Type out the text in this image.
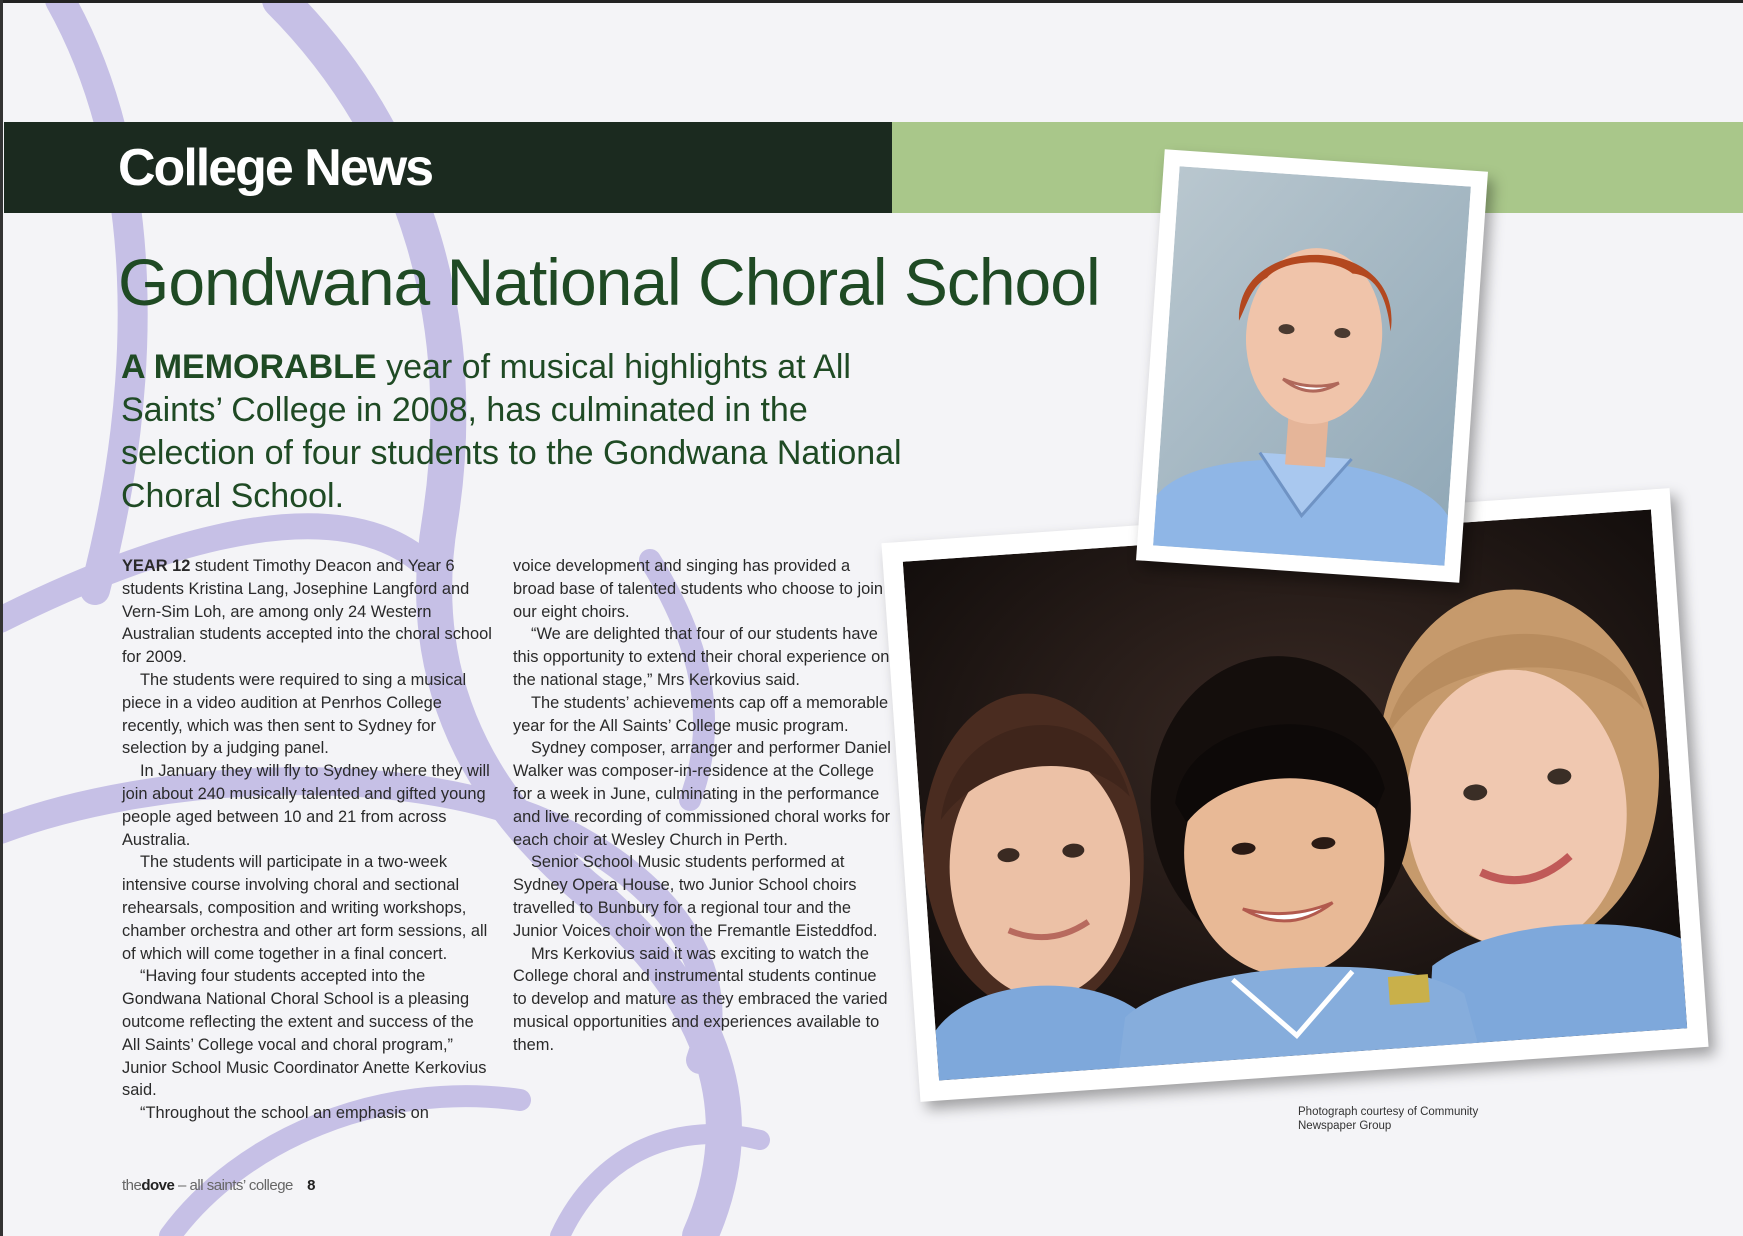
College News
Gondwana National Choral School

A MEMORABLE year of musical highlights at All Saints’ College in 2008, has culminated in the selection of four students to the Gondwana National Choral School.

YEAR 12 student Timothy Deacon and Year 6 students Kristina Lang, Josephine Langford and Vern-Sim Loh, are among only 24 Western Australian students accepted into the choral school for 2009.

The students were required to sing a musical piece in a video audition at Penrhos College recently, which was then sent to Sydney for selection by a judging panel.

In January they will fly to Sydney where they will join about 240 musically talented and gifted young people aged between 10 and 21 from across Australia.

The students will participate in a two-week intensive course involving choral and sectional rehearsals, composition and writing workshops, chamber orchestra and other art form sessions, all of which will come together in a final concert.

“Having four students accepted into the Gondwana National Choral School is a pleasing outcome reflecting the extent and success of the All Saints’ College vocal and choral program,” Junior School Music Coordinator Anette Kerkovius said.

“Throughout the school an emphasis on

voice development and singing has provided a broad base of talented students who choose to join our eight choirs.

“We are delighted that four of our students have this opportunity to extend their choral experience on the national stage,” Mrs Kerkovius said.

The students’ achievements cap off a memorable year for the All Saints’ College music program.

Sydney composer, arranger and performer Daniel Walker was composer-in-residence at the College for a week in June, culminating in the performance and live recording of commissioned choral works for each choir at Wesley Church in Perth.

Senior School Music students performed at Sydney Opera House, two Junior School choirs travelled to Bunbury for a regional tour and the Junior Voices choir won the Fremantle Eisteddfod.

Mrs Kerkovius said it was exciting to watch the College choral and instrumental students continue to develop and mature as they embraced the varied musical opportunities and experiences available to them.

Photograph courtesy of Community Newspaper Group

thedove – all saints’ college 8
